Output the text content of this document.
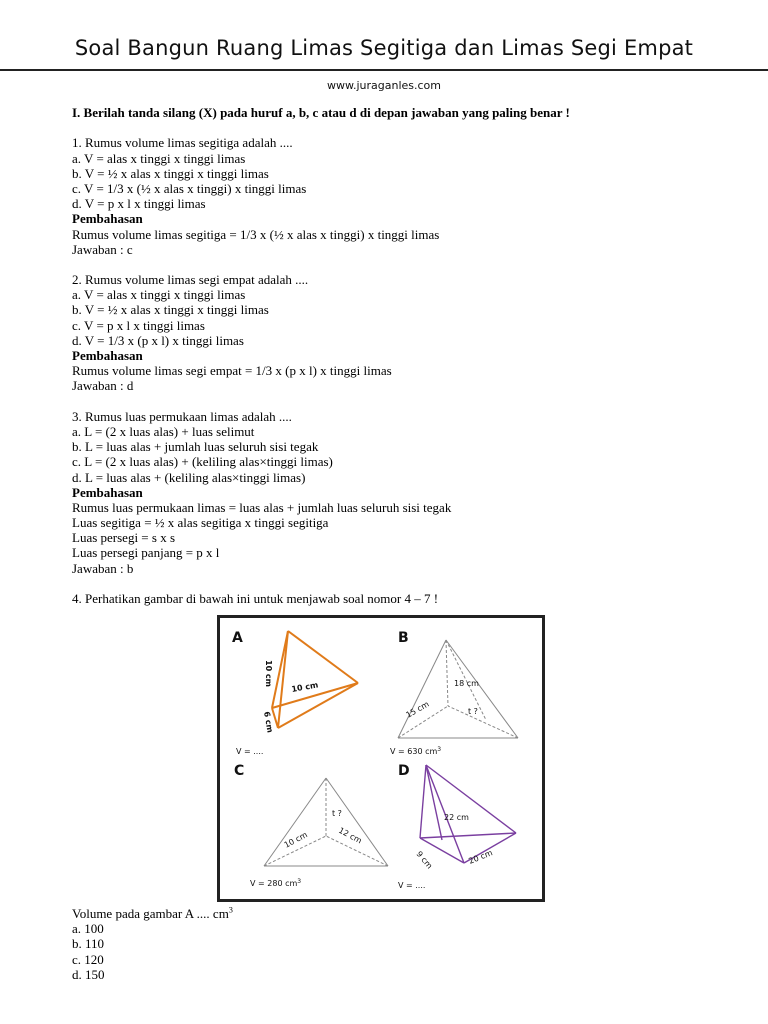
Soal Bangun Ruang Limas Segitiga dan Limas Segi Empat
www.juraganles.com
I. Berilah tanda silang (X) pada huruf a, b, c atau d di depan jawaban yang paling benar !
1. Rumus volume limas segitiga adalah ....
a. V = alas x tinggi x tinggi limas
b. V = ½ x alas x tinggi x tinggi limas
c. V = 1/3 x (½ x alas x tinggi) x tinggi limas
d. V = p x l x tinggi limas
Pembahasan
Rumus volume limas segitiga = 1/3 x (½ x alas x tinggi) x tinggi limas
Jawaban : c
2. Rumus volume limas segi empat adalah ....
a. V = alas x tinggi x tinggi limas
b. V = ½ x alas x tinggi x tinggi limas
c. V = p x l x tinggi limas
d. V = 1/3 x (p x l) x tinggi limas
Pembahasan
Rumus volume limas segi empat = 1/3 x (p x l) x tinggi limas
Jawaban : d
3. Rumus luas permukaan limas adalah ....
a. L = (2 x luas alas) + luas selimut
b. L = luas alas + jumlah luas seluruh sisi tegak
c. L = (2 x luas alas) + (keliling alas×tinggi limas)
d. L = luas alas + (keliling alas×tinggi limas)
Pembahasan
Rumus luas permukaan limas = luas alas + jumlah luas seluruh sisi tegak
Luas segitiga = ½ x alas segitiga x tinggi segitiga
Luas persegi = s x s
Luas persegi panjang = p x l
Jawaban : b
4. Perhatikan gambar di bawah ini untuk menjawab soal nomor 4 – 7 !
A	B
C	D
10 cm
10 cm
6 cm
V = ....
18 cm
15 cm	t ?
V = 630 $cm^3$
t ?
10 cm	12 cm
V = 280 $cm^3$
22 cm
9 cm	20 cm
V = ....
Volume pada gambar A .... $cm^3$
a. 100
b. 110
c. 120
d. 150
